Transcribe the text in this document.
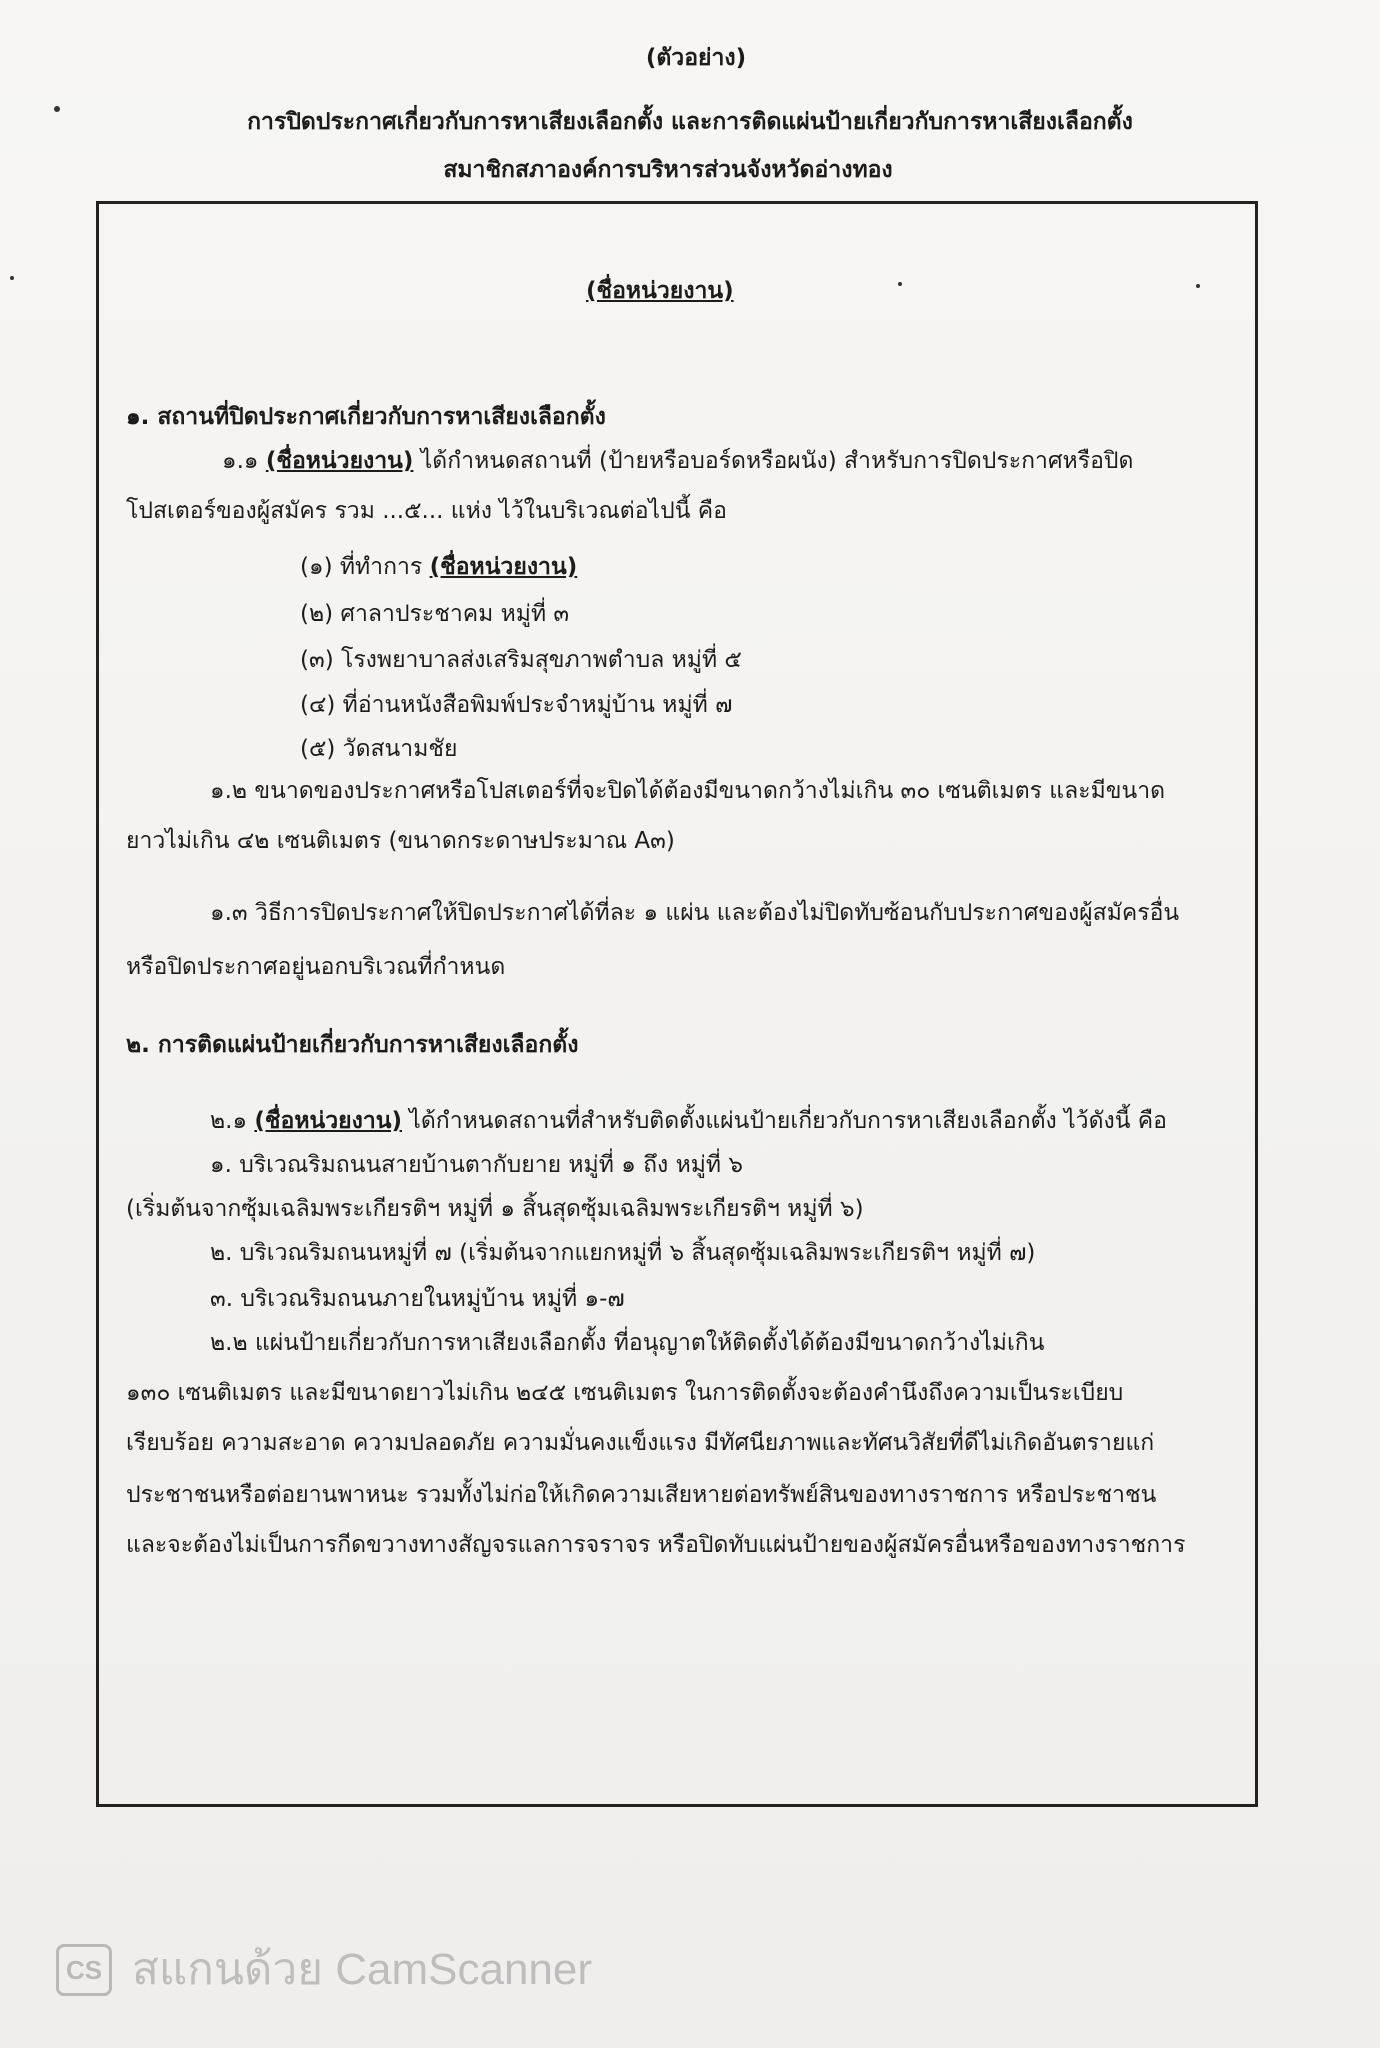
(ตัวอย่าง)
การปิดประกาศเกี่ยวกับการหาเสียงเลือกตั้ง และการติดแผ่นป้ายเกี่ยวกับการหาเสียงเลือกตั้ง
สมาชิกสภาองค์การบริหารส่วนจังหวัดอ่างทอง
(ชื่อหน่วยงาน)
๑. สถานที่ปิดประกาศเกี่ยวกับการหาเสียงเลือกตั้ง
๑.๑ (ชื่อหน่วยงาน) ได้กำหนดสถานที่ (ป้ายหรือบอร์ดหรือผนัง) สำหรับการปิดประกาศหรือปิด
โปสเตอร์ของผู้สมัคร รวม ...๕... แห่ง ไว้ในบริเวณต่อไปนี้ คือ
(๑) ที่ทำการ (ชื่อหน่วยงาน)
(๒) ศาลาประชาคม หมู่ที่ ๓
(๓) โรงพยาบาลส่งเสริมสุขภาพตำบล หมู่ที่ ๕
(๔) ที่อ่านหนังสือพิมพ์ประจำหมู่บ้าน หมู่ที่ ๗
(๕) วัดสนามชัย
๑.๒ ขนาดของประกาศหรือโปสเตอร์ที่จะปิดได้ต้องมีขนาดกว้างไม่เกิน ๓๐ เซนติเมตร และมีขนาด
ยาวไม่เกิน ๔๒ เซนติเมตร (ขนาดกระดาษประมาณ A๓)
๑.๓ วิธีการปิดประกาศให้ปิดประกาศได้ที่ละ ๑ แผ่น และต้องไม่ปิดทับซ้อนกับประกาศของผู้สมัครอื่น
หรือปิดประกาศอยู่นอกบริเวณที่กำหนด
๒. การติดแผ่นป้ายเกี่ยวกับการหาเสียงเลือกตั้ง
๒.๑ (ชื่อหน่วยงาน) ได้กำหนดสถานที่สำหรับติดตั้งแผ่นป้ายเกี่ยวกับการหาเสียงเลือกตั้ง ไว้ดังนี้ คือ
๑. บริเวณริมถนนสายบ้านตากับยาย หมู่ที่ ๑ ถึง หมู่ที่ ๖
(เริ่มต้นจากซุ้มเฉลิมพระเกียรติฯ หมู่ที่ ๑ สิ้นสุดซุ้มเฉลิมพระเกียรติฯ หมู่ที่ ๖)
๒. บริเวณริมถนนหมู่ที่ ๗ (เริ่มต้นจากแยกหมู่ที่ ๖ สิ้นสุดซุ้มเฉลิมพระเกียรติฯ หมู่ที่ ๗)
๓. บริเวณริมถนนภายในหมู่บ้าน หมู่ที่ ๑-๗
๒.๒ แผ่นป้ายเกี่ยวกับการหาเสียงเลือกตั้ง ที่อนุญาตให้ติดตั้งได้ต้องมีขนาดกว้างไม่เกิน
๑๓๐ เซนติเมตร และมีขนาดยาวไม่เกิน ๒๔๕ เซนติเมตร ในการติดตั้งจะต้องคำนึงถึงความเป็นระเบียบ
เรียบร้อย ความสะอาด ความปลอดภัย ความมั่นคงแข็งแรง มีทัศนียภาพและทัศนวิสัยที่ดีไม่เกิดอันตรายแก่
ประชาชนหรือต่อยานพาหนะ รวมทั้งไม่ก่อให้เกิดความเสียหายต่อทรัพย์สินของทางราชการ หรือประชาชน
และจะต้องไม่เป็นการกีดขวางทางสัญจรแลการจราจร หรือปิดทับแผ่นป้ายของผู้สมัครอื่นหรือของทางราชการ
CS สแกนด้วย CamScanner
